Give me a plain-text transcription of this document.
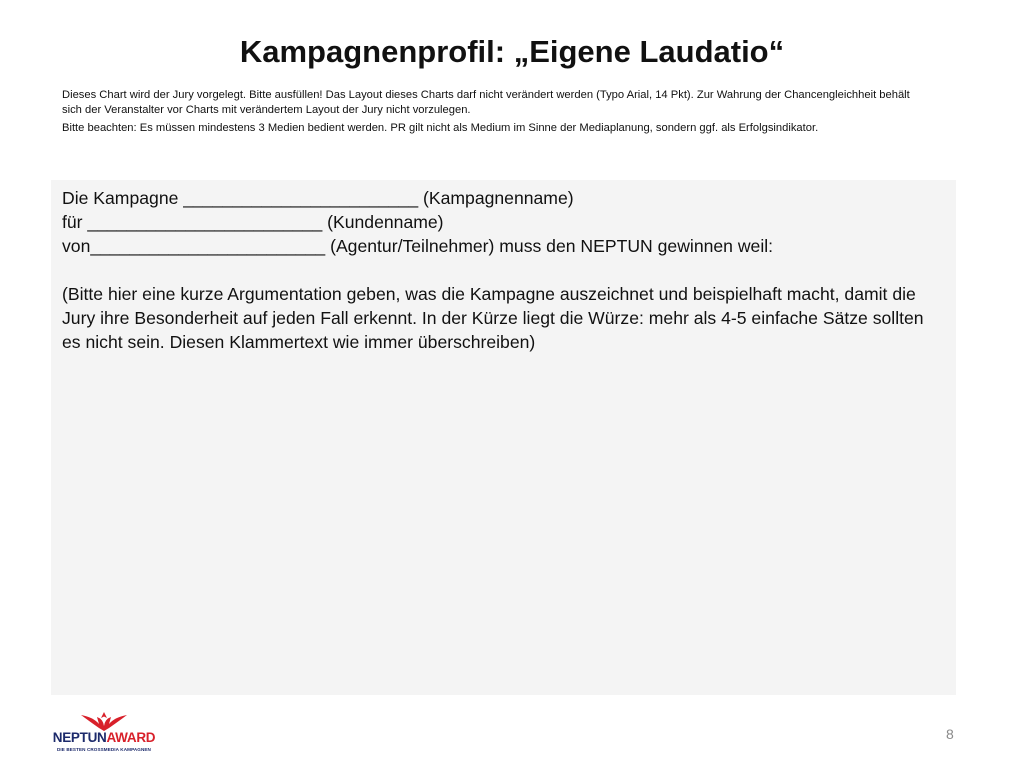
Kampagnenprofil: „Eigene Laudatio“

Dieses Chart wird der Jury vorgelegt. Bitte ausfüllen! Das Layout dieses Charts darf nicht verändert werden (Typo Arial, 14 Pkt). Zur Wahrung der Chancengleichheit behält sich der Veranstalter vor Charts mit verändertem Layout der Jury nicht vorzulegen.

Bitte beachten: Es müssen mindestens 3 Medien bedient werden. PR gilt nicht als Medium im Sinne der Mediaplanung, sondern ggf. als Erfolgsindikator.

Die Kampagne ________________________ (Kampagnenname)
für ________________________ (Kundenname)
von________________________ (Agentur/Teilnehmer) muss den NEPTUN gewinnen weil:
(Bitte hier eine kurze Argumentation geben, was die Kampagne auszeichnet und beispielhaft macht, damit die Jury ihre Besonderheit auf jeden Fall erkennt. In der Kürze liegt die Würze: mehr als 4-5 einfache Sätze sollten es nicht sein. Diesen Klammertext wie immer überschreiben)
NEPTUNAWARD
DIE BESTEN CROSSMEDIA KAMPAGNEN
8
